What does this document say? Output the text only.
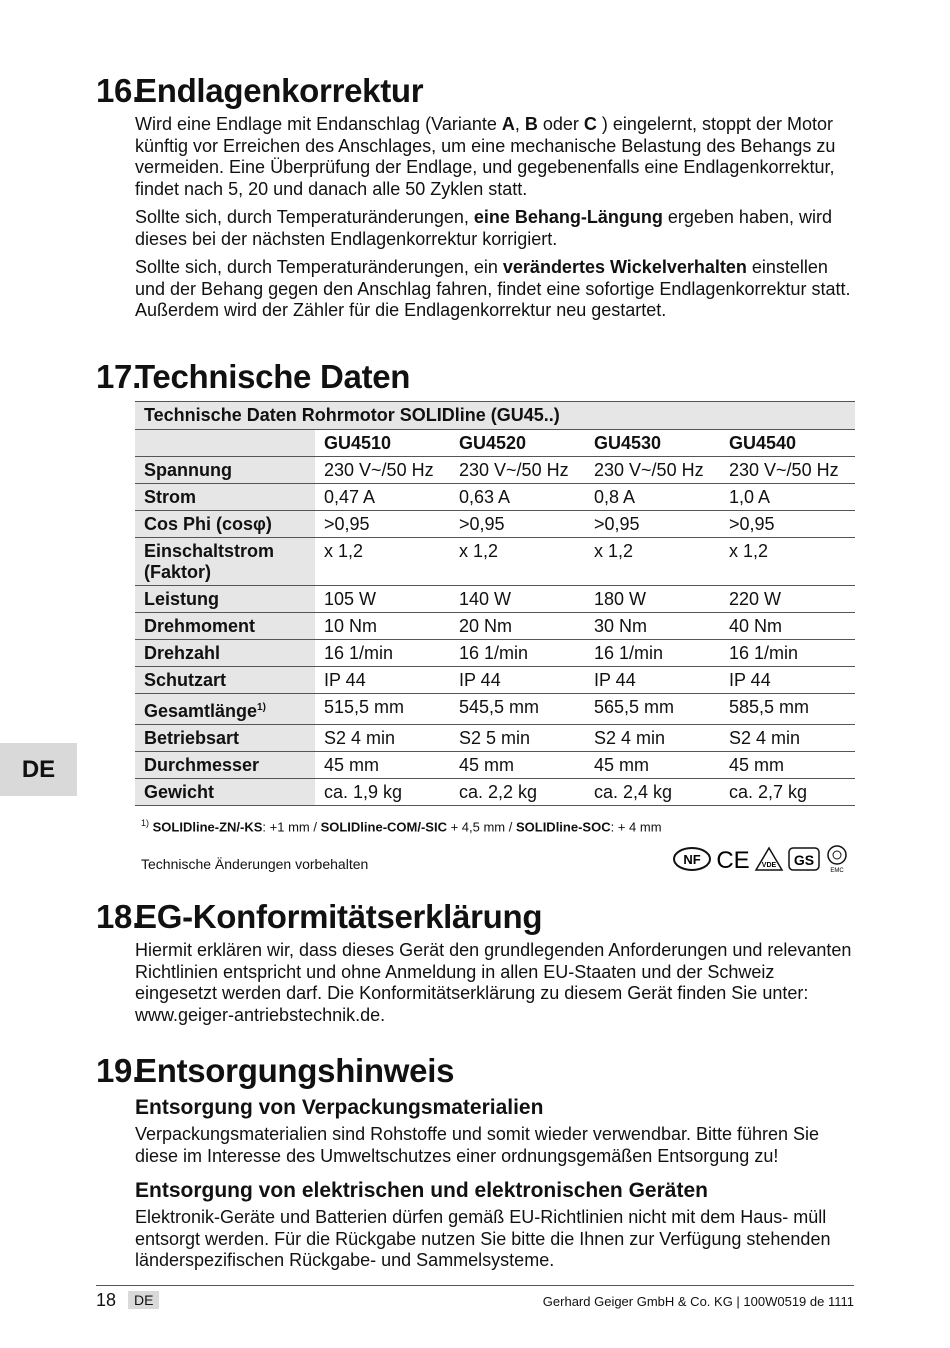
DE
16.Endlagenkorrektur

Wird eine Endlage mit Endanschlag (Variante A, B oder C ) eingelernt, stoppt der Motor künftig vor Erreichen des Anschlages, um eine mechanische Belastung des Behangs zu vermeiden. Eine Überprüfung der Endlage, und gegebenenfalls eine Endlagenkorrektur, findet nach 5, 20 und danach alle 50 Zyklen statt.

Sollte sich, durch Temperaturänderungen, eine Behang-Längung ergeben haben, wird dieses bei der nächsten Endlagenkorrektur korrigiert.

Sollte sich, durch Temperaturänderungen, ein verändertes Wickelverhalten einstellen und der Behang gegen den Anschlag fahren, findet eine sofortige Endlagenkorrektur statt. Außerdem wird der Zähler für die Endlagenkorrektur neu gestartet.

17.Technische Daten
Technische Daten Rohrmotor SOLIDline (GU45..)				
	GU4510	GU4520	GU4530	GU4540
Spannung	230 V~/50 Hz	230 V~/50 Hz	230 V~/50 Hz	230 V~/50 Hz
Strom	0,47 A	0,63 A	0,8 A	1,0 A
Cos Phi (cosφ)	>0,95	>0,95	>0,95	>0,95
Einschaltstrom (Faktor)	x 1,2	x 1,2	x 1,2	x 1,2
Leistung	105 W	140 W	180 W	220 W
Drehmoment	10 Nm	20 Nm	30 Nm	40 Nm
Drehzahl	16 1/min	16 1/min	16 1/min	16 1/min
Schutzart	IP 44	IP 44	IP 44	IP 44
Gesamtlänge$^{1)}$	515,5 mm	545,5 mm	565,5 mm	585,5 mm
Betriebsart	S2 4 min	S2 5 min	S2 4 min	S2 4 min
Durchmesser	45 mm	45 mm	45 mm	45 mm
Gewicht	ca. 1,9 kg	ca. 2,2 kg	ca. 2,4 kg	ca. 2,7 kg
$^{1)}$ SOLIDline-ZN/-KS: +1 mm / SOLIDline-COM/-SIC + 4,5 mm / SOLIDline-SOC: + 4 mm
Technische Änderungen vorbehalten	NF CE VDE GS
EMC
18.EG-Konformitätserklärung

Hiermit erklären wir, dass dieses Gerät den grundlegenden Anforderungen und relevanten Richtlinien entspricht und ohne Anmeldung in allen EU-Staaten und der Schweiz eingesetzt werden darf. Die Konformitätserklärung zu diesem Gerät finden Sie unter: www.geiger-antriebstechnik.de.

19.Entsorgungshinweis
Entsorgung von Verpackungsmaterialien

Verpackungsmaterialien sind Rohstoffe und somit wieder verwendbar. Bitte führen Sie diese im Interesse des Umweltschutzes einer ordnungsgemäßen Entsorgung zu!

Entsorgung von elektrischen und elektronischen Geräten

Elektronik-Geräte und Batterien dürfen gemäß EU-Richtlinien nicht mit dem Haus- müll entsorgt werden. Für die Rückgabe nutzen Sie bitte die Ihnen zur Verfügung stehenden länderspezifischen Rückgabe- und Sammelsysteme.

18	DE	Gerhard Geiger GmbH & Co. KG | 100W0519 de 1111
